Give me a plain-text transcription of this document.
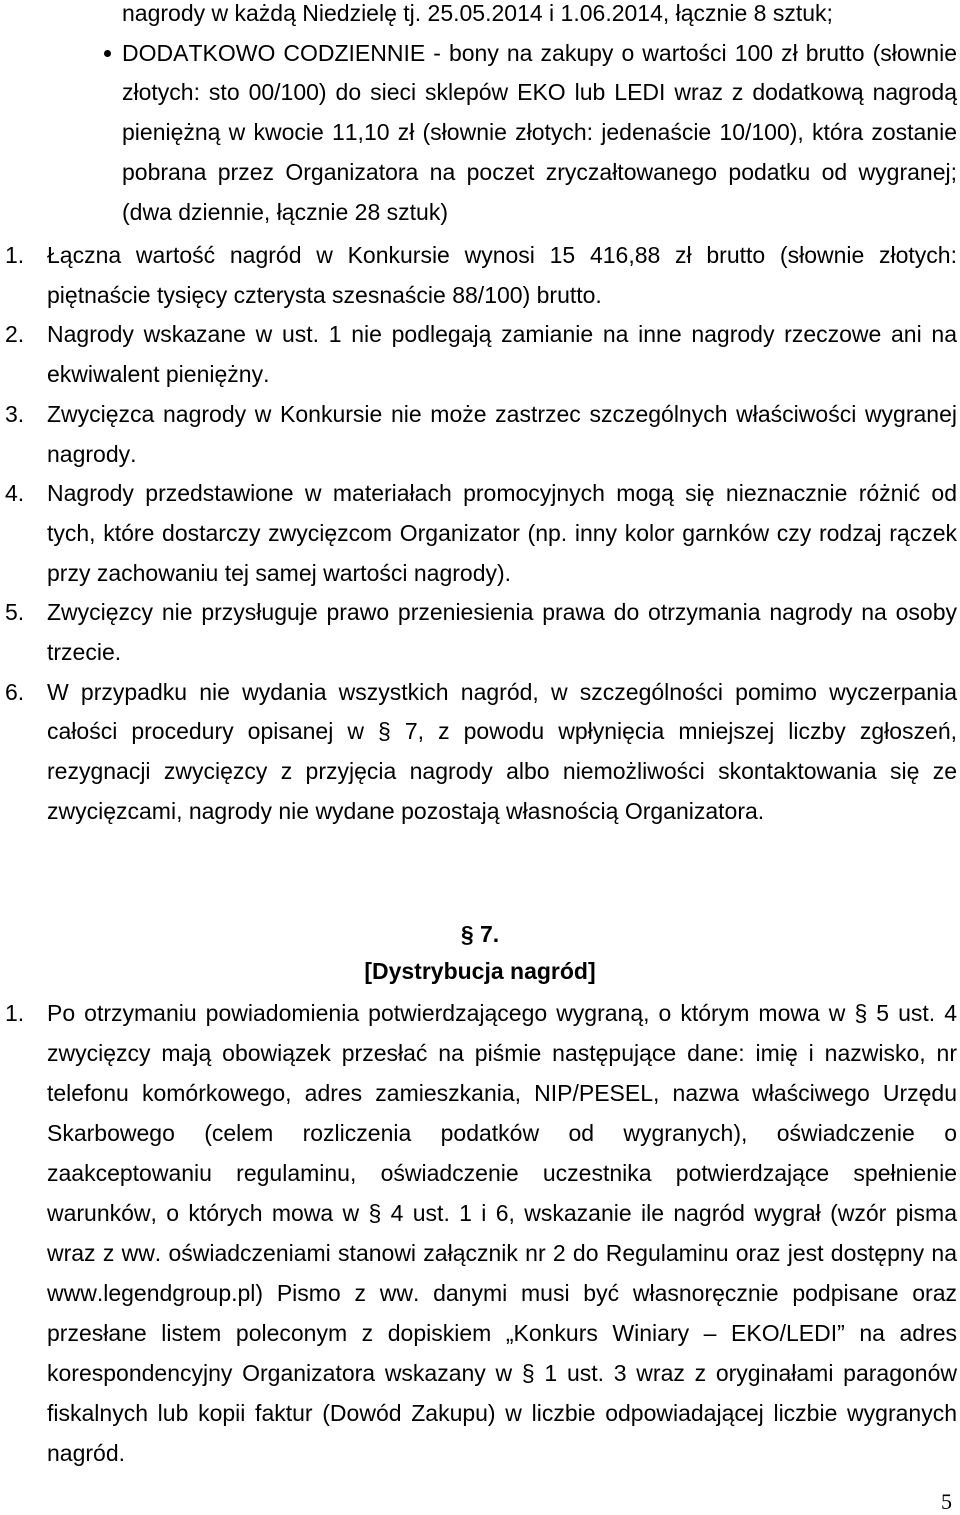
nagrody w każdą Niedzielę tj. 25.05.2014 i 1.06.2014, łącznie 8 sztuk;

DODATKOWO CODZIENNIE - bony na zakupy o wartości 100 zł brutto (słownie złotych: sto 00/100) do sieci sklepów EKO lub LEDI wraz z dodatkową nagrodą pieniężną w kwocie 11,10 zł (słownie złotych: jedenaście 10/100), która zostanie pobrana przez Organizatora na poczet zryczałtowanego podatku od wygranej; (dwa dziennie, łącznie 28 sztuk)
1. Łączna wartość nagród w Konkursie wynosi 15 416,88 zł brutto (słownie złotych: piętnaście tysięcy czterysta szesnaście 88/100) brutto.
2. Nagrody wskazane w ust. 1 nie podlegają zamianie na inne nagrody rzeczowe ani na ekwiwalent pieniężny.
3. Zwycięzca nagrody w Konkursie nie może zastrzec szczególnych właściwości wygranej nagrody.
4. Nagrody przedstawione w materiałach promocyjnych mogą się nieznacznie różnić od tych, które dostarczy zwycięzcom Organizator (np. inny kolor garnków czy rodzaj rączek przy zachowaniu tej samej wartości nagrody).
5. Zwycięzcy nie przysługuje prawo przeniesienia prawa do otrzymania nagrody na osoby trzecie.
6. W przypadku nie wydania wszystkich nagród, w szczególności pomimo wyczerpania całości procedury opisanej w § 7, z powodu wpłynięcia mniejszej liczby zgłoszeń, rezygnacji zwycięzcy z przyjęcia nagrody albo niemożliwości skontaktowania się ze zwycięzcami, nagrody nie wydane pozostają własnością Organizatora.
§ 7.
[Dystrybucja nagród]
1. Po otrzymaniu powiadomienia potwierdzającego wygraną, o którym mowa w § 5 ust. 4 zwycięzcy mają obowiązek przesłać na piśmie następujące dane: imię i nazwisko, nr telefonu komórkowego, adres zamieszkania, NIP/PESEL, nazwa właściwego Urzędu Skarbowego (celem rozliczenia podatków od wygranych), oświadczenie o zaakceptowaniu regulaminu, oświadczenie uczestnika potwierdzające spełnienie warunków, o których mowa w § 4 ust. 1 i 6, wskazanie ile nagród wygrał (wzór pisma wraz z ww. oświadczeniami stanowi załącznik nr 2 do Regulaminu oraz jest dostępny na www.legendgroup.pl) Pismo z ww. danymi musi być własnoręcznie podpisane oraz przesłane listem poleconym z dopiskiem „Konkurs Winiary – EKO/LEDI” na adres korespondencyjny Organizatora wskazany w § 1 ust. 3 wraz z oryginałami paragonów fiskalnych lub kopii faktur (Dowód Zakupu) w liczbie odpowiadającej liczbie wygranych nagród.
5
